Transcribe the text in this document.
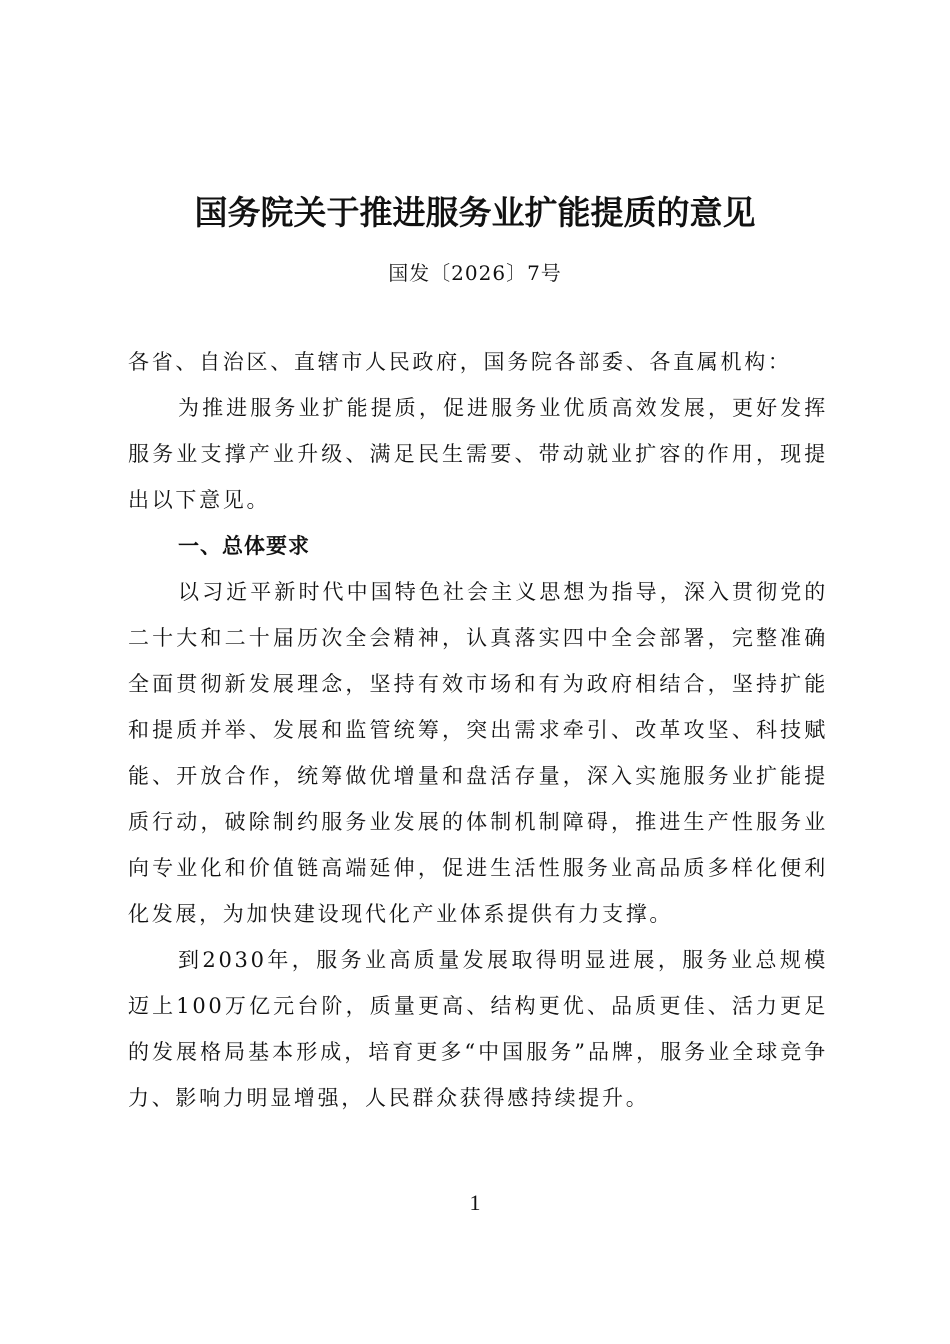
国务院关于推进服务业扩能提质的意见
国发〔2026〕7号

各省、自治区、直辖市人民政府，国务院各部委、各直属机构：

为推进服务业扩能提质，促进服务业优质高效发展，更好发挥服务业支撑产业升级、满足民生需要、带动就业扩容的作用，现提出以下意见。

一、总体要求

以习近平新时代中国特色社会主义思想为指导，深入贯彻党的二十大和二十届历次全会精神，认真落实四中全会部署，完整准确全面贯彻新发展理念，坚持有效市场和有为政府相结合，坚持扩能和提质并举、发展和监管统筹，突出需求牵引、改革攻坚、科技赋能、开放合作，统筹做优增量和盘活存量，深入实施服务业扩能提质行动，破除制约服务业发展的体制机制障碍，推进生产性服务业向专业化和价值链高端延伸，促进生活性服务业高品质多样化便利化发展，为加快建设现代化产业体系提供有力支撑。

到2030年，服务业高质量发展取得明显进展，服务业总规模迈上100万亿元台阶，质量更高、结构更优、品质更佳、活力更足的发展格局基本形成，培育更多“中国服务”品牌，服务业全球竞争力、影响力明显增强，人民群众获得感持续提升。

1
